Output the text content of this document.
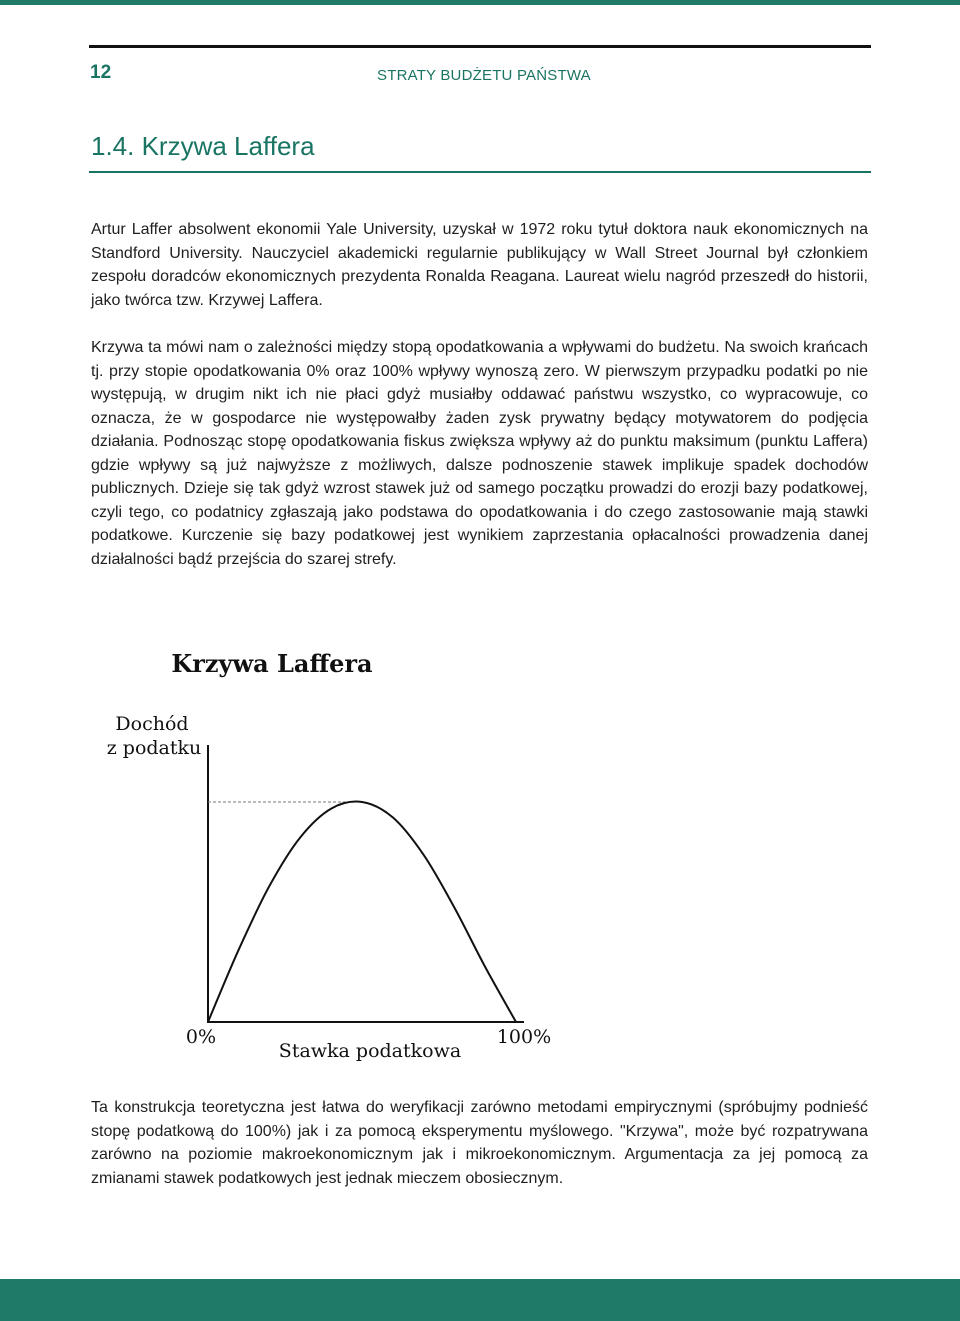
12	STRATY BUDŻETU PAŃSTWA
1.4. Krzywa Laffera

Artur Laffer absolwent ekonomii Yale University, uzyskał w 1972 roku tytuł doktora nauk ekonomicznych na Standford University. Nauczyciel akademicki regularnie publikujący w Wall Street Journal był członkiem zespołu doradców ekonomicznych prezydenta Ronalda Reagana. Laureat wielu nagród przeszedł do historii, jako twórca tzw. Krzywej Laffera.

Krzywa ta mówi nam o zależności między stopą opodatkowania a wpływami do budżetu. Na swoich krańcach tj. przy stopie opodatkowania 0% oraz 100% wpływy wynoszą zero. W pierwszym przypadku podatki po nie występują, w drugim nikt ich nie płaci gdyż musiałby oddawać państwu wszystko, co wypracowuje, co oznacza, że w gospodarce nie występowałby żaden zysk prywatny będący motywatorem do podjęcia działania. Podnosząc stopę opodatkowania fiskus zwiększa wpływy aż do punktu maksimum (punktu Laffera) gdzie wpływy są już najwyższe z możliwych, dalsze podnoszenie stawek implikuje spadek dochodów publicznych. Dzieje się tak gdyż wzrost stawek już od samego początku prowadzi do erozji bazy podatkowej, czyli tego, co podatnicy zgłaszają jako podstawa do opodatkowania i do czego zastosowanie mają stawki podatkowe. Kurczenie się bazy podatkowej jest wynikiem zaprzestania opłacalności prowadzenia danej działalności bądź przejścia do szarej strefy.

Krzywa Laffera
Dochód
z podatku
0%	100%
Stawka podatkowa

Ta konstrukcja teoretyczna jest łatwa do weryfikacji zarówno metodami empirycznymi (spróbujmy podnieść stopę podatkową do 100%) jak i za pomocą eksperymentu myślowego. "Krzywa", może być rozpatrywana zarówno na poziomie makroekonomicznym jak i mikroekonomicznym. Argumentacja za jej pomocą za zmianami stawek podatkowych jest jednak mieczem obosiecznym.
